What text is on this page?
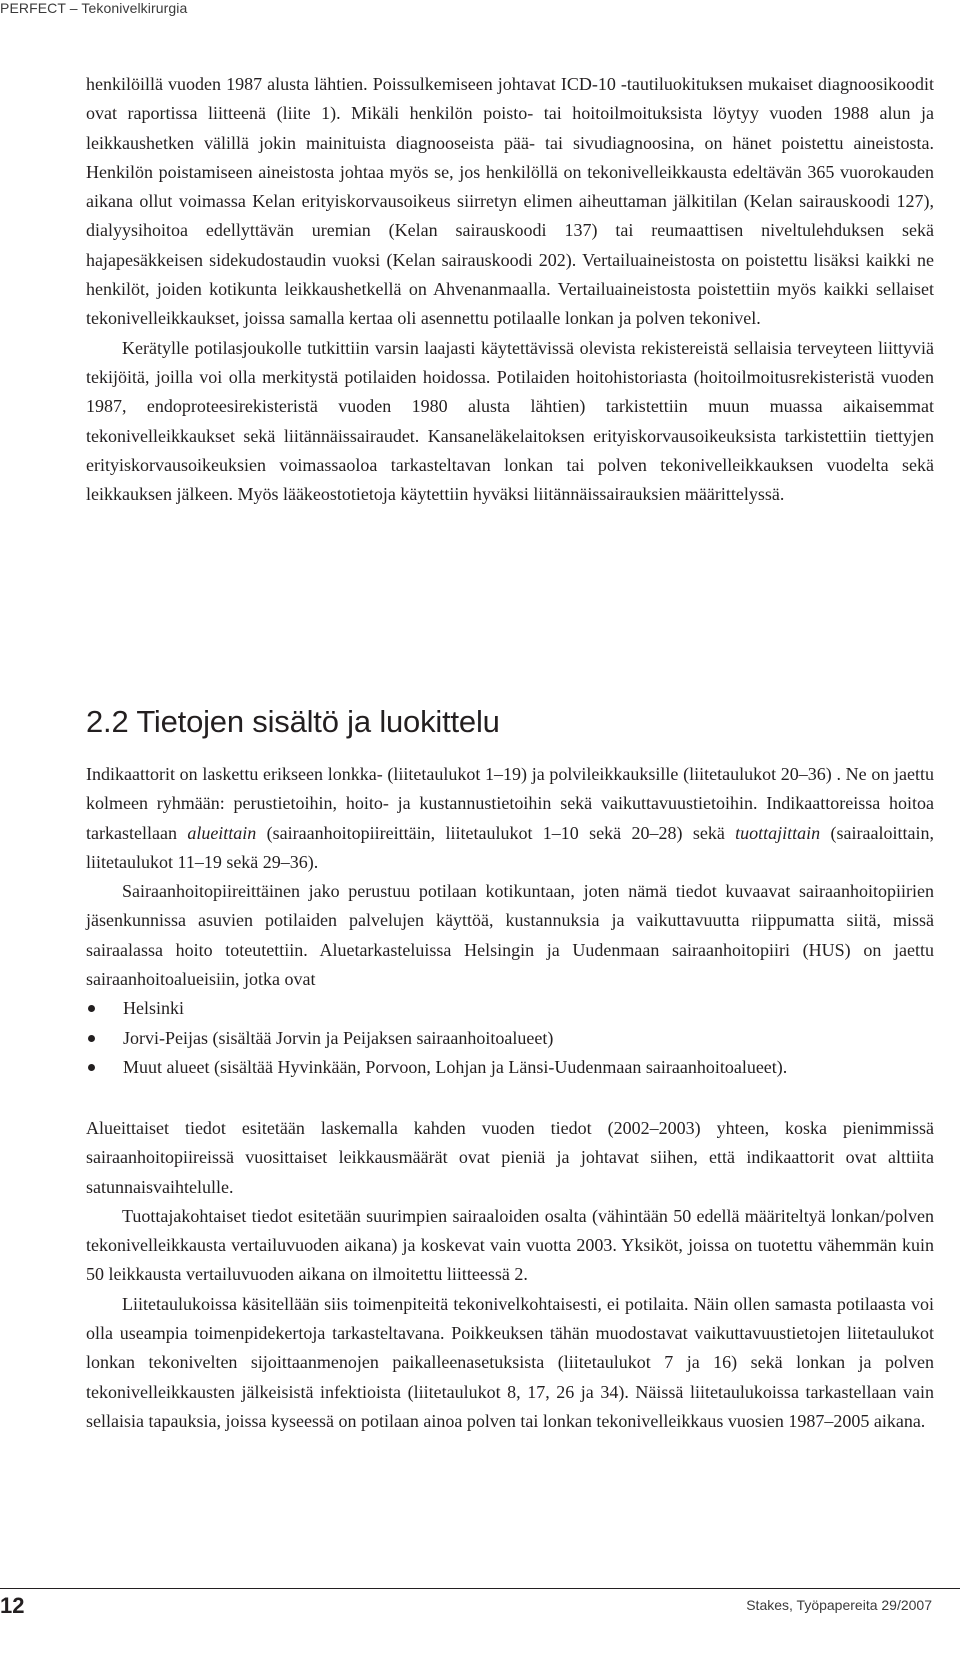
PERFECT – Tekonivelkirurgia

henkilöillä vuoden 1987 alusta lähtien. Poissulkemiseen johtavat ICD-10 -tautiluokituksen mukaiset diagnoosikoodit ovat raportissa liitteenä (liite 1). Mikäli henkilön poisto- tai hoitoilmoituksista löytyy vuoden 1988 alun ja leikkaushetken välillä jokin mainituista diagnooseista pää- tai sivudiagnoosina, on hänet poistettu aineistosta. Henkilön poistamiseen aineistosta johtaa myös se, jos henkilöllä on tekonivelleikkausta edeltävän 365 vuorokauden aikana ollut voimassa Kelan erityiskorvausoikeus siirretyn elimen aiheuttaman jälkitilan (Kelan sairauskoodi 127), dialyysihoitoa edellyttävän uremian (Kelan sairauskoodi 137) tai reumaattisen niveltulehduksen sekä hajapesäkkeisen sidekudostaudin vuoksi (Kelan sairauskoodi 202). Vertailuaineistosta on poistettu lisäksi kaikki ne henkilöt, joiden kotikunta leikkaushetkellä on Ahvenanmaalla. Vertailuaineistosta poistettiin myös kaikki sellaiset tekonivelleikkaukset, joissa samalla kertaa oli asennettu potilaalle lonkan ja polven tekonivel.

Kerätylle potilasjoukolle tutkittiin varsin laajasti käytettävissä olevista rekistereistä sellaisia terveyteen liittyviä tekijöitä, joilla voi olla merkitystä potilaiden hoidossa. Potilaiden hoitohistoriasta (hoitoilmoitusrekisteristä vuoden 1987, endoproteesirekisteristä vuoden 1980 alusta lähtien) tarkistettiin muun muassa aikaisemmat tekonivelleikkaukset sekä liitännäissairaudet. Kansaneläkelaitoksen erityiskorvausoikeuksista tarkistettiin tiettyjen erityiskorvausoikeuksien voimassaoloa tarkasteltavan lonkan tai polven tekonivelleikkauksen vuodelta sekä leikkauksen jälkeen. Myös lääkeostotietoja käytettiin hyväksi liitännäissairauksien määrittelyssä.

2.2 Tietojen sisältö ja luokittelu

Indikaattorit on laskettu erikseen lonkka- (liitetaulukot 1–19) ja polvileikkauksille (liitetaulukot 20–36) . Ne on jaettu kolmeen ryhmään: perustietoihin, hoito- ja kustannustietoihin sekä vaikuttavuustietoihin. Indikaattoreissa hoitoa tarkastellaan alueittain (sairaanhoitopiireittäin, liitetaulukot 1–10 sekä 20–28) sekä tuottajittain (sairaaloittain, liitetaulukot 11–19 sekä 29–36).

Sairaanhoitopiireittäinen jako perustuu potilaan kotikuntaan, joten nämä tiedot kuvaavat sairaanhoitopiirien jäsenkunnissa asuvien potilaiden palvelujen käyttöä, kustannuksia ja vaikuttavuutta riippumatta siitä, missä sairaalassa hoito toteutettiin. Aluetarkasteluissa Helsingin ja Uudenmaan sairaanhoitopiiri (HUS) on jaettu sairaanhoitoalueisiin, jotka ovat

Helsinki
Jorvi-Peijas (sisältää Jorvin ja Peijaksen sairaanhoitoalueet)
Muut alueet (sisältää Hyvinkään, Porvoon, Lohjan ja Länsi-Uudenmaan sairaanhoitoalueet).

Alueittaiset tiedot esitetään laskemalla kahden vuoden tiedot (2002–2003) yhteen, koska pienimmissä sairaanhoitopiireissä vuosittaiset leikkausmäärät ovat pieniä ja johtavat siihen, että indikaattorit ovat alttiita satunnaisvaihtelulle.

Tuottajakohtaiset tiedot esitetään suurimpien sairaaloiden osalta (vähintään 50 edellä määriteltyä lonkan/polven tekonivelleikkausta vertailuvuoden aikana) ja koskevat vain vuotta 2003. Yksiköt, joissa on tuotettu vähemmän kuin 50 leikkausta vertailuvuoden aikana on ilmoitettu liitteessä 2.

Liitetaulukoissa käsitellään siis toimenpiteitä tekonivelkohtaisesti, ei potilaita. Näin ollen samasta potilaasta voi olla useampia toimenpidekertoja tarkasteltavana. Poikkeuksen tähän muodostavat vaikuttavuustietojen liitetaulukot lonkan tekonivelten sijoittaanmenojen paikalleenasetuksista (liitetaulukot 7 ja 16) sekä lonkan ja polven tekonivelleikkausten jälkeisistä infektioista (liitetaulukot 8, 17, 26 ja 34). Näissä liitetaulukoissa tarkastellaan vain sellaisia tapauksia, joissa kyseessä on potilaan ainoa polven tai lonkan tekonivelleikkaus vuosien 1987–2005 aikana.

12	Stakes, Työpapereita 29/2007
